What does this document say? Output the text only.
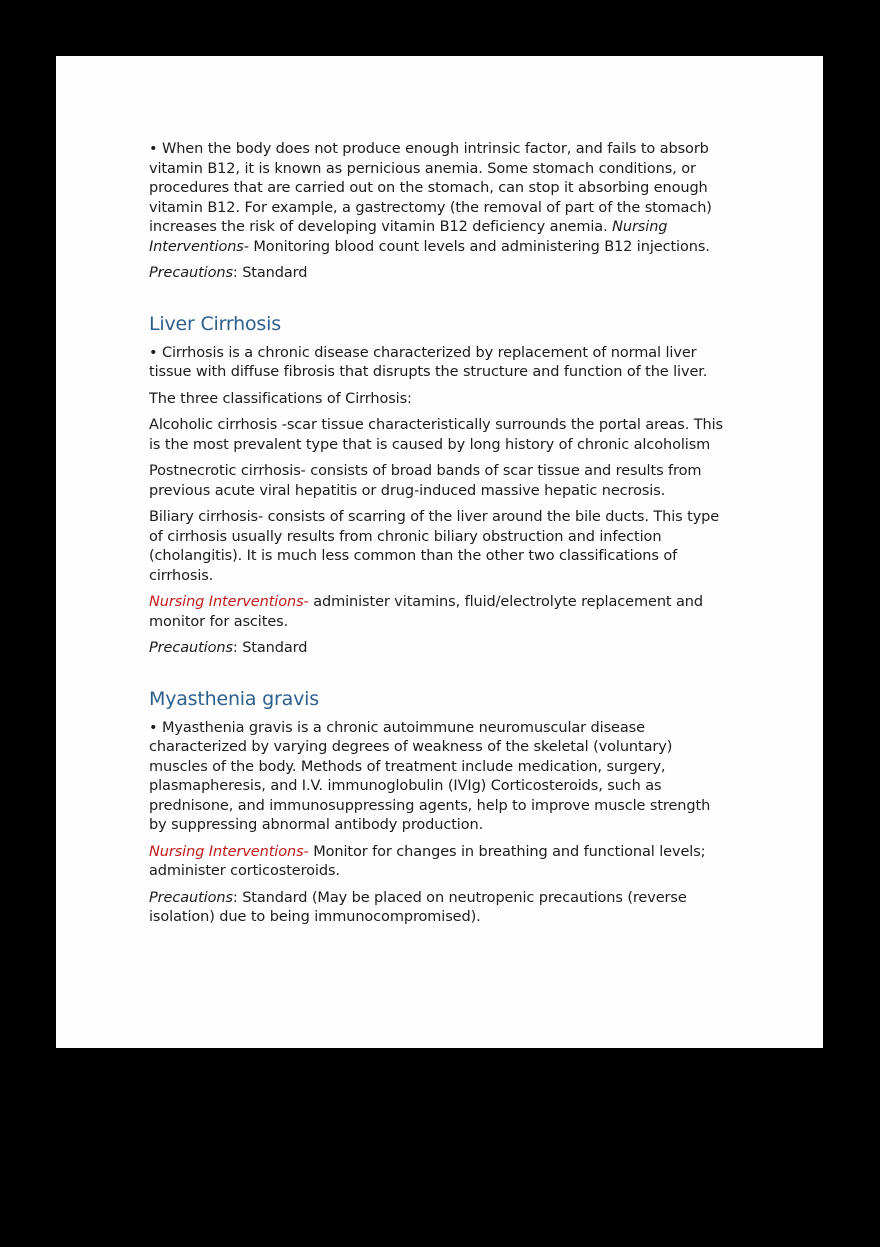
• When the body does not produce enough intrinsic factor, and fails to absorb vitamin B12, it is known as pernicious anemia. Some stomach conditions, or procedures that are carried out on the stomach, can stop it absorbing enough vitamin B12. For example, a gastrectomy (the removal of part of the stomach) increases the risk of developing vitamin B12 deficiency anemia. Nursing Interventions- Monitoring blood count levels and administering B12 injections.

Precautions: Standard

Liver Cirrhosis

• Cirrhosis is a chronic disease characterized by replacement of normal liver tissue with diffuse fibrosis that disrupts the structure and function of the liver.

The three classifications of Cirrhosis:

Alcoholic cirrhosis -scar tissue characteristically surrounds the portal areas. This is the most prevalent type that is caused by long history of chronic alcoholism

Postnecrotic cirrhosis- consists of broad bands of scar tissue and results from previous acute viral hepatitis or drug-induced massive hepatic necrosis.

Biliary cirrhosis- consists of scarring of the liver around the bile ducts. This type of cirrhosis usually results from chronic biliary obstruction and infection (cholangitis). It is much less common than the other two classifications of cirrhosis.

Nursing Interventions- administer vitamins, fluid/electrolyte replacement and monitor for ascites.

Precautions: Standard

Myasthenia gravis

• Myasthenia gravis is a chronic autoimmune neuromuscular disease characterized by varying degrees of weakness of the skeletal (voluntary) muscles of the body. Methods of treatment include medication, surgery, plasmapheresis, and I.V. immunoglobulin (IVIg) Corticosteroids, such as prednisone, and immunosuppressing agents, help to improve muscle strength by suppressing abnormal antibody production.

Nursing Interventions- Monitor for changes in breathing and functional levels; administer corticosteroids.

Precautions: Standard (May be placed on neutropenic precautions (reverse isolation) due to being immunocompromised).
